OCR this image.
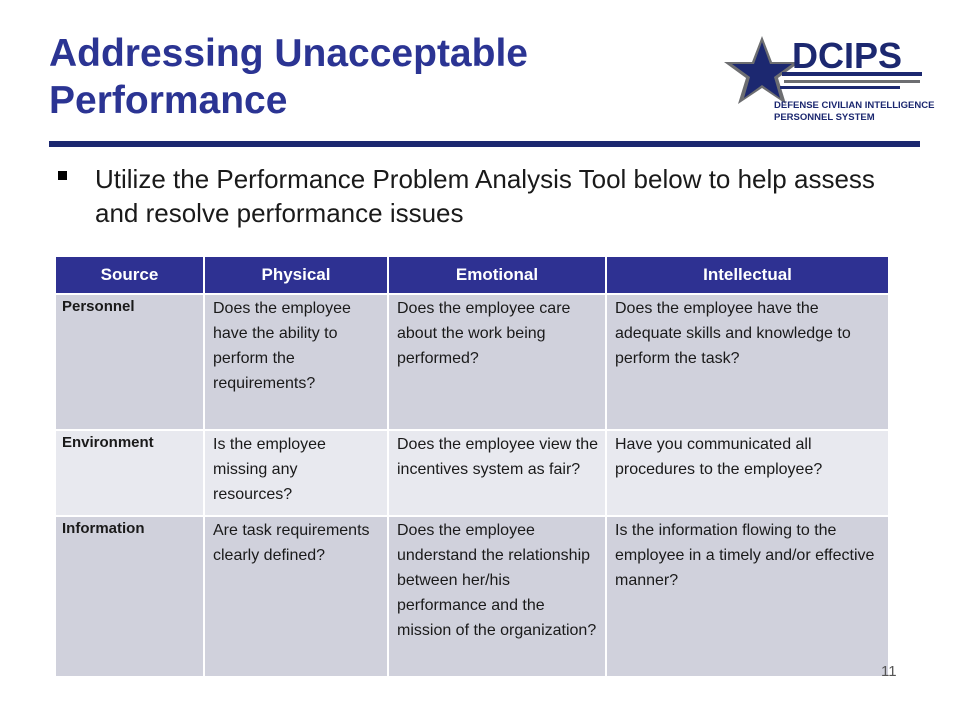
Addressing Unacceptable Performance
DCIPS
DEFENSE CIVILIAN INTELLIGENCE
PERSONNEL SYSTEM
Utilize the Performance Problem Analysis Tool below to help assess and resolve performance issues
Source	Physical	Emotional	Intellectual
Personnel	Does the employee have the ability to perform the requirements?	Does the employee care about the work being performed?	Does the employee have the adequate skills and knowledge to perform the task?
Environment	Is the employee missing any resources?	Does the employee view the incentives system as fair?	Have you communicated all procedures to the employee?
Information	Are task requirements clearly defined?	Does the employee understand the relationship between her/his performance and the mission of the organization?	Is the information flowing to the employee in a timely and/or effective manner?
11
